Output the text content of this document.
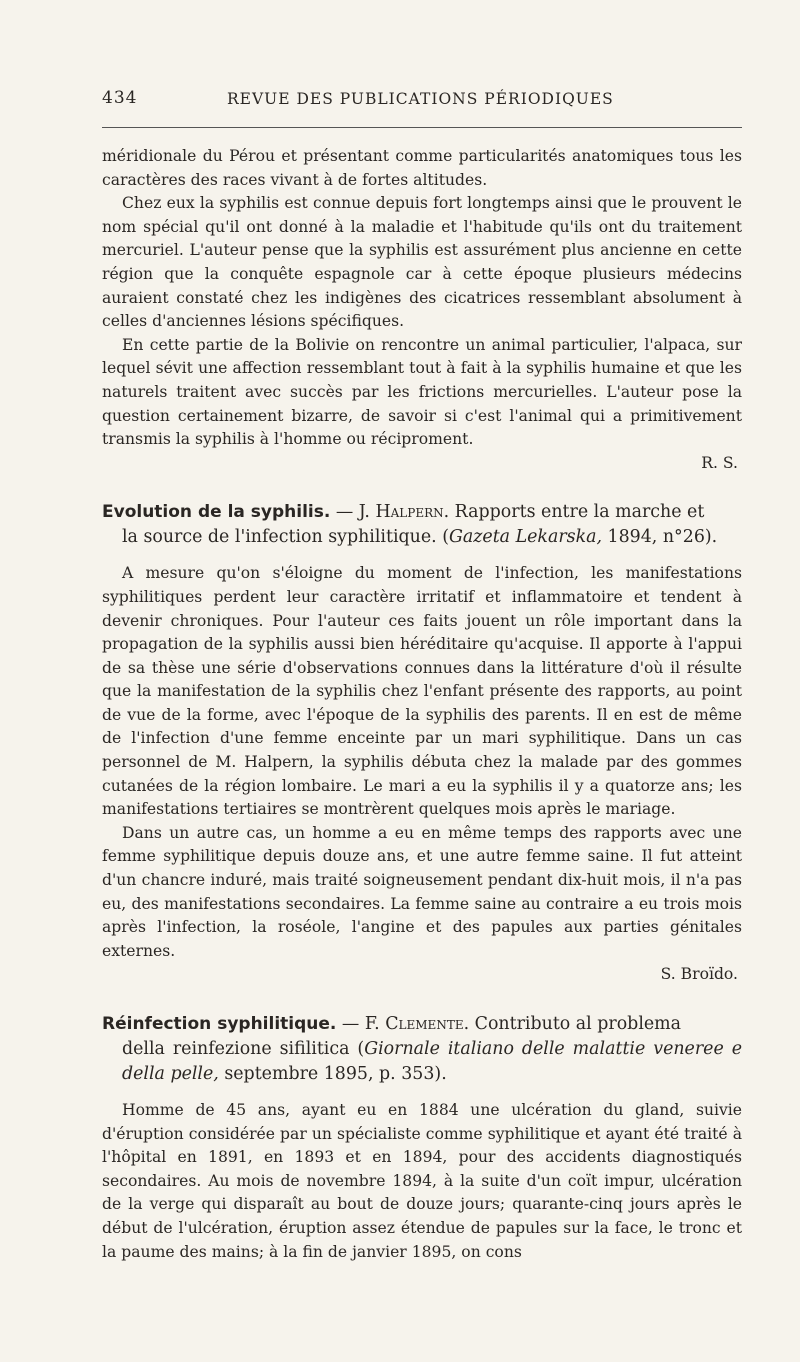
434	REVUE DES PUBLICATIONS PÉRIODIQUES

méridionale du Pérou et présentant comme particularités anatomiques tous les caractères des races vivant à de fortes altitudes.

Chez eux la syphilis est connue depuis fort longtemps ainsi que le prouvent le nom spécial qu'il ont donné à la maladie et l'habitude qu'ils ont du traitement mercuriel. L'auteur pense que la syphilis est assurément plus ancienne en cette région que la conquête espagnole car à cette époque plusieurs médecins auraient constaté chez les indigènes des cicatrices ressemblant absolument à celles d'anciennes lésions spécifiques.

En cette partie de la Bolivie on rencontre un animal particulier, l'alpaca, sur lequel sévit une affection ressemblant tout à fait à la syphilis humaine et que les naturels traitent avec succès par les frictions mercurielles. L'auteur pose la question certainement bizarre, de savoir si c'est l'animal qui a primitivement transmis la syphilis à l'homme ou réciproment.

R. S.

Evolution de la syphilis. — J. Halpern. Rapports entre la marche et
la source de l'infection syphilitique. (Gazeta Lekarska, 1894, n°26).

A mesure qu'on s'éloigne du moment de l'infection, les manifestations syphilitiques perdent leur caractère irritatif et inflammatoire et tendent à devenir chroniques. Pour l'auteur ces faits jouent un rôle important dans la propagation de la syphilis aussi bien héréditaire qu'acquise. Il apporte à l'appui de sa thèse une série d'observations connues dans la littérature d'où il résulte que la manifestation de la syphilis chez l'enfant présente des rapports, au point de vue de la forme, avec l'époque de la syphilis des parents. Il en est de même de l'infection d'une femme enceinte par un mari syphilitique. Dans un cas personnel de M. Halpern, la syphilis débuta chez la malade par des gommes cutanées de la région lombaire. Le mari a eu la syphilis il y a quatorze ans; les manifestations tertiaires se montrèrent quelques mois après le mariage.

Dans un autre cas, un homme a eu en même temps des rapports avec une femme syphilitique depuis douze ans, et une autre femme saine. Il fut atteint d'un chancre induré, mais traité soigneusement pendant dix-huit mois, il n'a pas eu, des manifestations secondaires. La femme saine au contraire a eu trois mois après l'infection, la roséole, l'angine et des papules aux parties génitales externes.

S. Broïdo.

Réinfection syphilitique. — F. Clemente. Contributo al problema
della reinfezione sifilitica (Giornale italiano delle malattie veneree e della pelle, septembre 1895, p. 353).

Homme de 45 ans, ayant eu en 1884 une ulcération du gland, suivie d'éruption considérée par un spécialiste comme syphilitique et ayant été traité à l'hôpital en 1891, en 1893 et en 1894, pour des accidents diagnostiqués secondaires. Au mois de novembre 1894, à la suite d'un coït impur, ulcération de la verge qui disparaît au bout de douze jours; quarante-cinq jours après le début de l'ulcération, éruption assez étendue de papules sur la face, le tronc et la paume des mains; à la fin de janvier 1895, on cons
